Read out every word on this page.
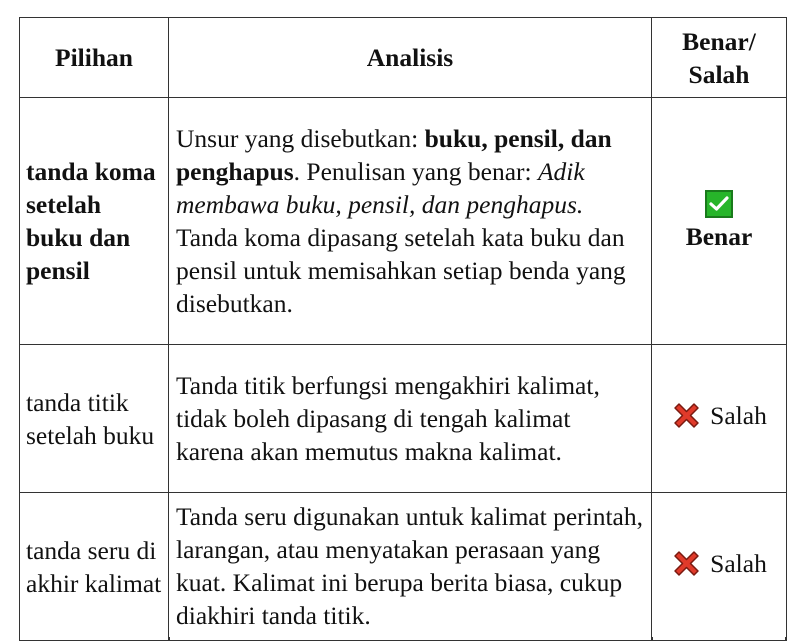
Pilihan	Analisis	Benar/
Salah
tanda koma setelah buku dan pensil	Unsur yang disebutkan: buku, pensil, dan penghapus. Penulisan yang benar: Adik membawa buku, pensil, dan penghapus. Tanda koma dipasang setelah kata buku dan pensil untuk memisahkan setiap benda yang disebutkan.	Benar

tanda titik setelah buku	Tanda titik berfungsi mengakhiri kalimat, tidak boleh dipasang di tengah kalimat karena akan memutus makna kalimat.	Salah

tanda seru di akhir kalimat	Tanda seru digunakan untuk kalimat perintah, larangan, atau menyatakan perasaan yang kuat. Kalimat ini berupa berita biasa, cukup diakhiri tanda titik.	Salah
